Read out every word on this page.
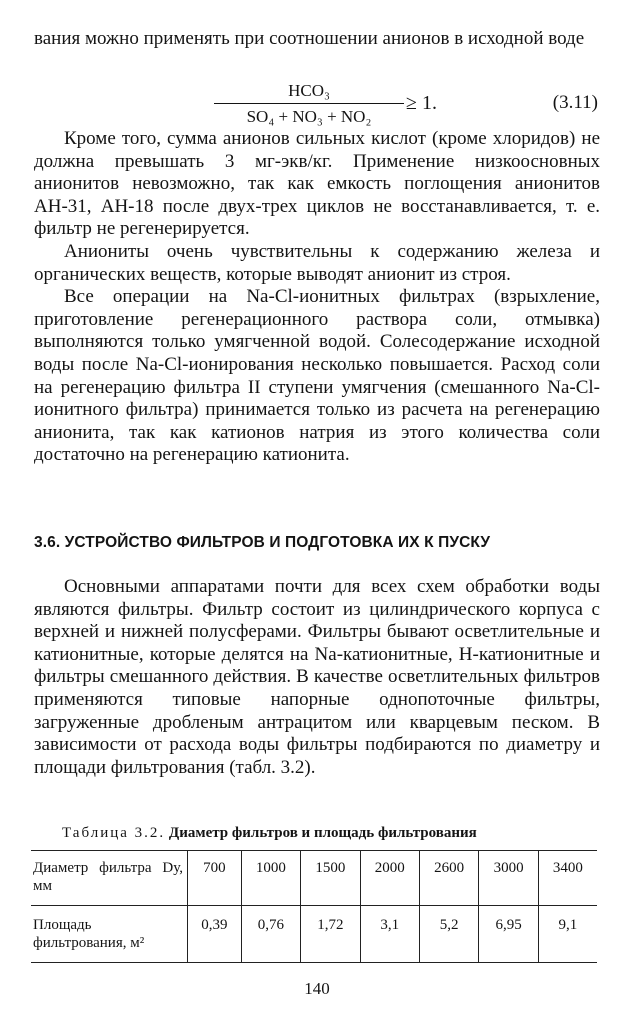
вания можно применять при соотношении анионов в исходной воде

HCO₃
SO₄ + NO₃ + NO₂
≥ 1.	(3.11)

Кроме того, сумма анионов сильных кислот (кроме хлоридов) не должна превышать 3 мг-экв/кг. Применение низкоосновных анионитов невозможно, так как емкость поглощения анионитов АН-31, АН-18 после двух-трех циклов не восстанавливается, т. е. фильтр не регенерируется.

Аниониты очень чувствительны к содержанию железа и органических веществ, которые выводят анионит из строя.

Все операции на Na-Cl-ионитных фильтрах (взрыхление, приготовление регенерационного раствора соли, отмывка) выполняются только умягченной водой. Солесодержание исходной воды после Na-Cl-ионирования несколько повышается. Расход соли на регенерацию фильтра II ступени умягчения (смешанного Na-Cl-ионитного фильтра) принимается только из расчета на регенерацию анионита, так как катионов натрия из этого количества соли достаточно на регенерацию катионита.

3.6. УСТРОЙСТВО ФИЛЬТРОВ И ПОДГОТОВКА ИХ К ПУСКУ

Основными аппаратами почти для всех схем обработки воды являются фильтры. Фильтр состоит из цилиндрического корпуса с верхней и нижней полусферами. Фильтры бывают осветлительные и катионитные, которые делятся на Na-катионитные, Н-катионитные и фильтры смешанного действия. В качестве осветлительных фильтров применяются типовые напорные однопоточные фильтры, загруженные дробленым антрацитом или кварцевым песком. В зависимости от расхода воды фильтры подбираются по диаметру и площади фильтрования (табл. 3.2).

Таблица 3.2. Диаметр фильтров и площадь фильтрования
Диаметр фильтра Dу, мм	700	1000	1500	2000	2600	3000	3400
Площадь фильтрования, м²	0,39	0,76	1,72	3,1	5,2	6,95	9,1
140
